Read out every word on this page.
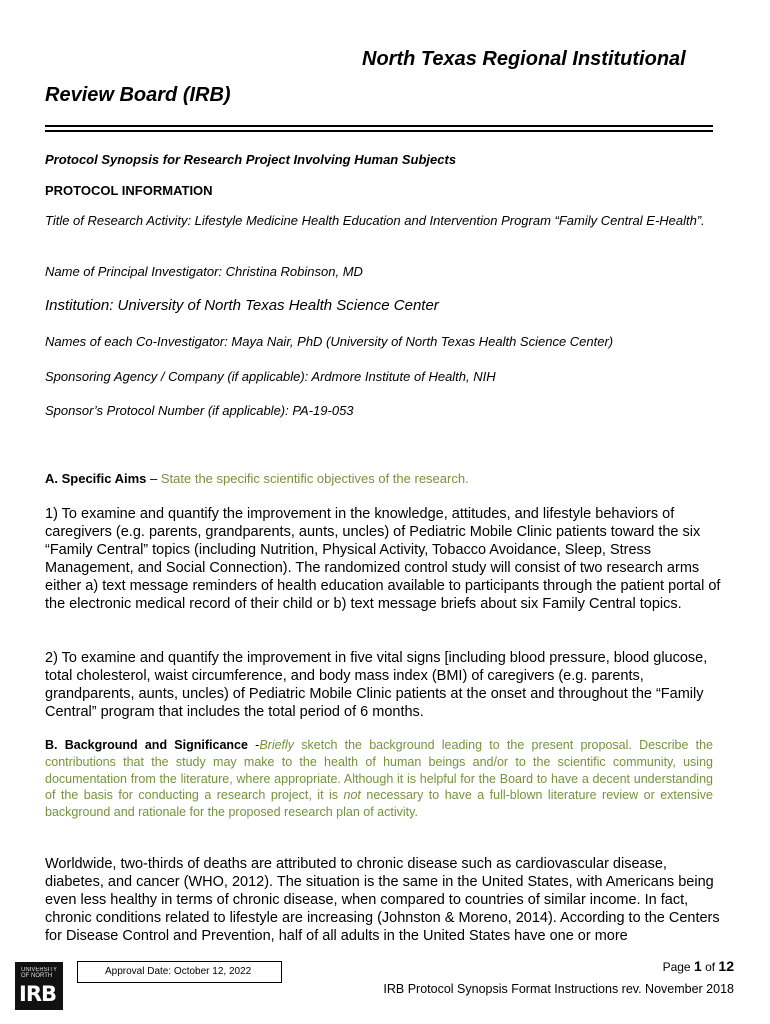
North Texas Regional Institutional
Review Board (IRB)
Protocol Synopsis for Research Project Involving Human Subjects
PROTOCOL INFORMATION
Title of Research Activity: Lifestyle Medicine Health Education and Intervention Program “Family Central E-Health”.
Name of Principal Investigator: Christina Robinson, MD
Institution: University of North Texas Health Science Center
Names of each Co-Investigator: Maya Nair, PhD (University of North Texas Health Science Center)
Sponsoring Agency / Company (if applicable): Ardmore Institute of Health, NIH
Sponsor’s Protocol Number (if applicable): PA-19-053
A. Specific Aims – State the specific scientific objectives of the research.
1) To examine and quantify the improvement in the knowledge, attitudes, and lifestyle behaviors of caregivers (e.g. parents, grandparents, aunts, uncles) of Pediatric Mobile Clinic patients toward the six “Family Central” topics (including Nutrition, Physical Activity, Tobacco Avoidance, Sleep, Stress Management, and Social Connection). The randomized control study will consist of two research arms either a) text message reminders of health education available to participants through the patient portal of the electronic medical record of their child or b) text message briefs about six Family Central topics.
2) To examine and quantify the improvement in five vital signs [including blood pressure, blood glucose, total cholesterol, waist circumference, and body mass index (BMI) of caregivers (e.g. parents, grandparents, aunts, uncles) of Pediatric Mobile Clinic patients at the onset and throughout the “Family Central” program that includes the total period of 6 months.
B. Background and Significance -Briefly sketch the background leading to the present proposal. Describe the contributions that the study may make to the health of human beings and/or to the scientific community, using documentation from the literature, where appropriate. Although it is helpful for the Board to have a decent understanding of the basis for conducting a research project, it is not necessary to have a full-blown literature review or extensive background and rationale for the proposed research plan of activity.
Worldwide, two-thirds of deaths are attributed to chronic disease such as cardiovascular disease, diabetes, and cancer (WHO, 2012). The situation is the same in the United States, with Americans being even less healthy in terms of chronic disease, when compared to countries of similar income. In fact, chronic conditions related to lifestyle are increasing (Johnston & Moreno, 2014). According to the Centers for Disease Control and Prevention, half of all adults in the United States have one or more
UNIVERSITY OF NORTH
IRB
Approval Date: October 12, 2022	Page 1 of 12
IRB Protocol Synopsis Format Instructions rev. November 2018
